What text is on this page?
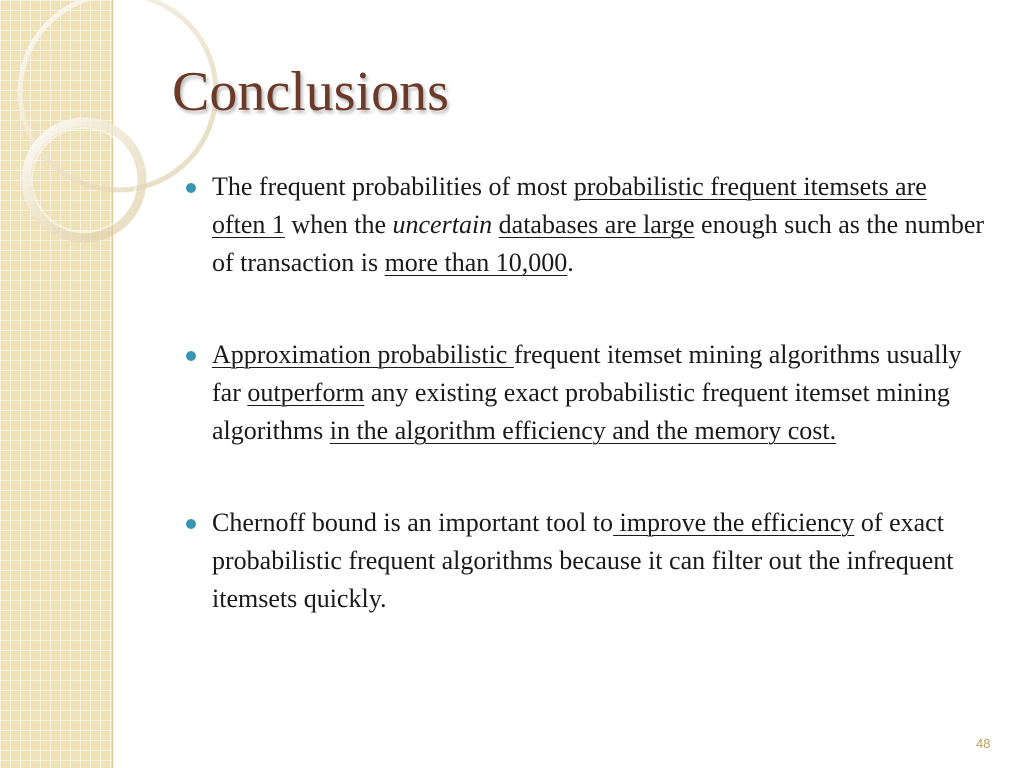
Conclusions
The frequent probabilities of most probabilistic frequent itemsets are often 1 when the uncertain databases are large enough such as the number of transaction is more than 10,000.
Approximation probabilistic frequent itemset mining algorithms usually far outperform any existing exact probabilistic frequent itemset mining algorithms in the algorithm efficiency and the memory cost.
Chernoff bound is an important tool to improve the efficiency of exact probabilistic frequent algorithms because it can filter out the infrequent itemsets quickly.
48
